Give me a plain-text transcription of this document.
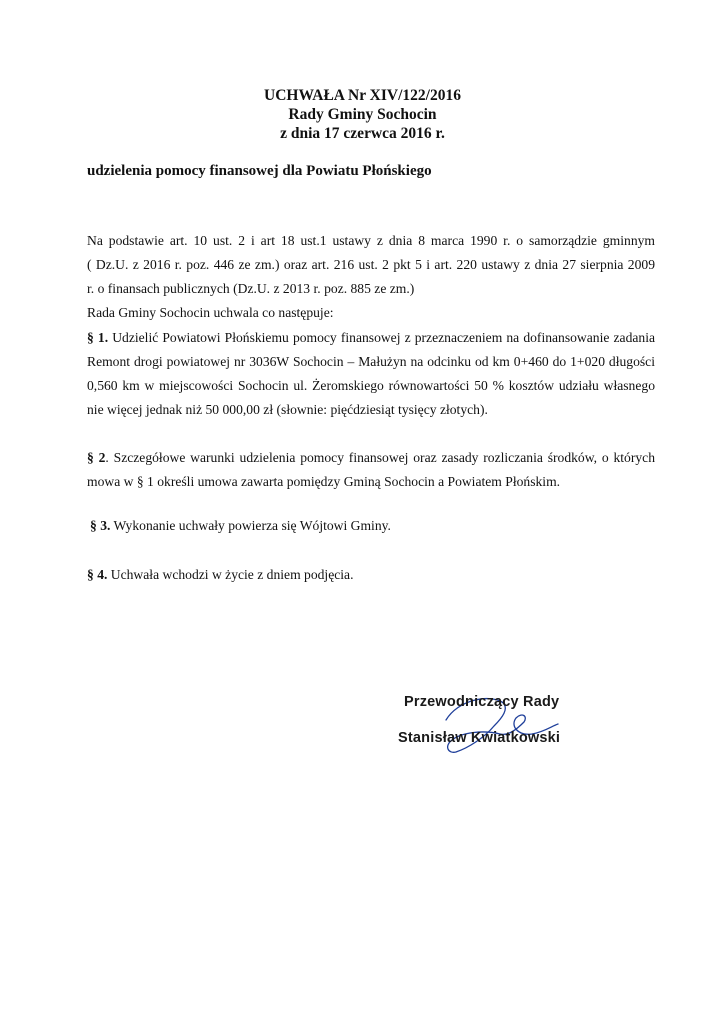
UCHWAŁA Nr XIV/122/2016
Rady Gminy Sochocin
z dnia 17 czerwca 2016 r.
udzielenia pomocy finansowej dla Powiatu Płońskiego
Na podstawie art. 10 ust. 2 i art 18 ust.1 ustawy z dnia 8 marca 1990 r. o samorządzie gminnym
( Dz.U. z 2016 r. poz. 446 ze zm.) oraz art. 216 ust. 2 pkt 5 i art. 220 ustawy z dnia 27 sierpnia 2009
r. o finansach publicznych (Dz.U. z 2013 r. poz. 885 ze zm.)
Rada Gminy Sochocin uchwala co następuje:
§ 1. Udzielić Powiatowi Płońskiemu pomocy finansowej z przeznaczeniem na dofinansowanie zadania
Remont drogi powiatowej nr 3036W Sochocin – Małużyn na odcinku od km 0+460 do 1+020 długości
0,560 km w miejscowości Sochocin ul. Żeromskiego równowartości 50 % kosztów udziału własnego
nie więcej jednak niż 50 000,00 zł (słownie: pięćdziesiąt tysięcy złotych).
§ 2. Szczegółowe warunki udzielenia pomocy finansowej oraz zasady rozliczania środków, o których
mowa w § 1 określi umowa zawarta pomiędzy Gminą Sochocin a Powiatem Płońskim.
§ 3. Wykonanie uchwały powierza się Wójtowi Gminy.
§ 4. Uchwała wchodzi w życie z dniem podjęcia.
Przewodniczący Rady
Stanisław Kwiatkowski
